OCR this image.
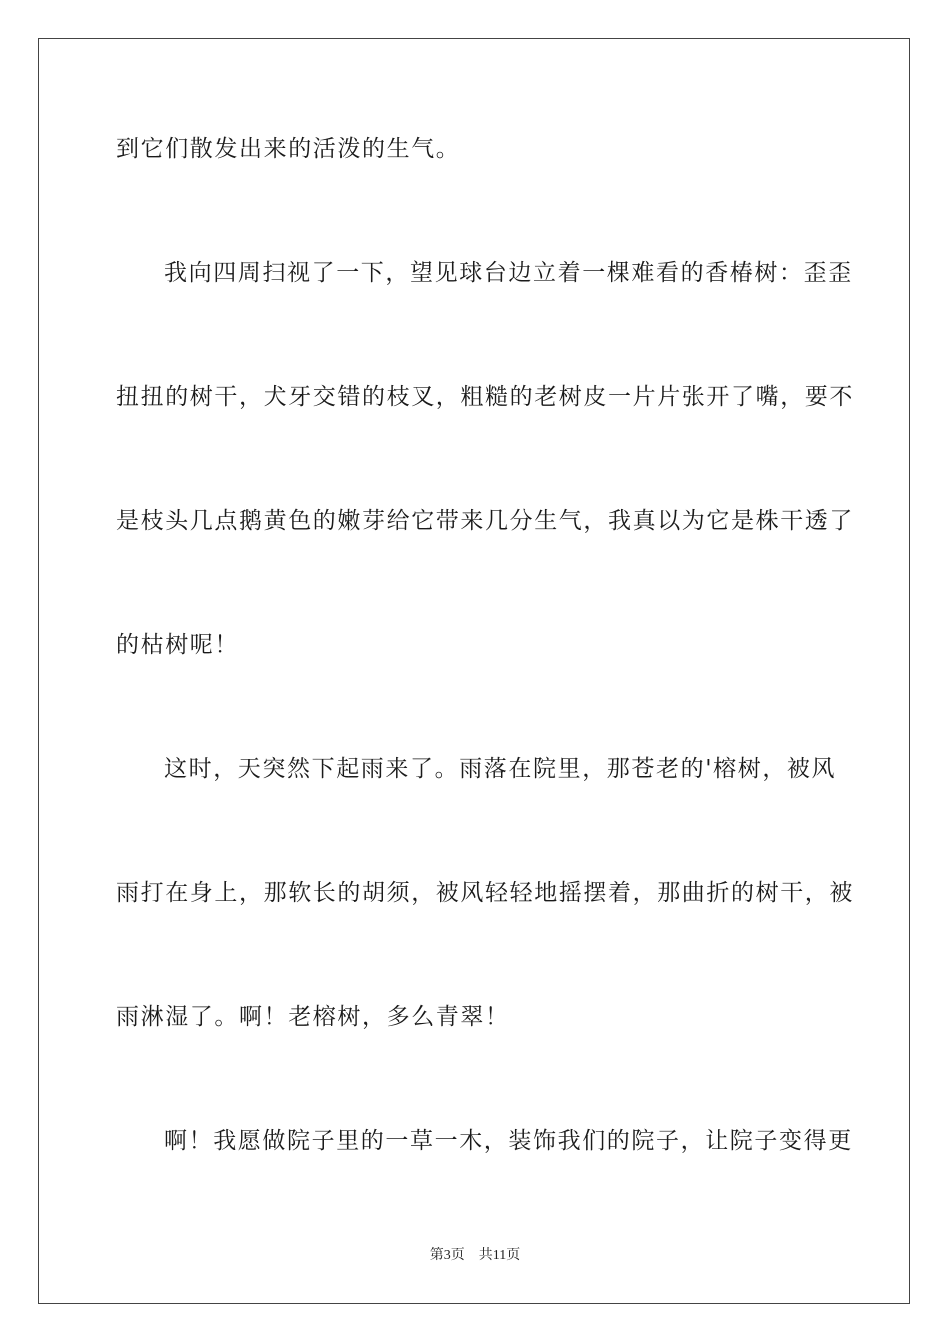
到它们散发出来的活泼的生气。
我向四周扫视了一下，望见球台边立着一棵难看的香椿树：歪歪
扭扭的树干，犬牙交错的枝叉，粗糙的老树皮一片片张开了嘴，要不
是枝头几点鹅黄色的嫩芽给它带来几分生气，我真以为它是株干透了
的枯树呢！
这时，天突然下起雨来了。雨落在院里，那苍老的'榕树，被风
雨打在身上，那软长的胡须，被风轻轻地摇摆着，那曲折的树干，被
雨淋湿了。啊！老榕树，多么青翠！
啊！我愿做院子里的一草一木，装饰我们的院子，让院子变得更
第3页 共11页
